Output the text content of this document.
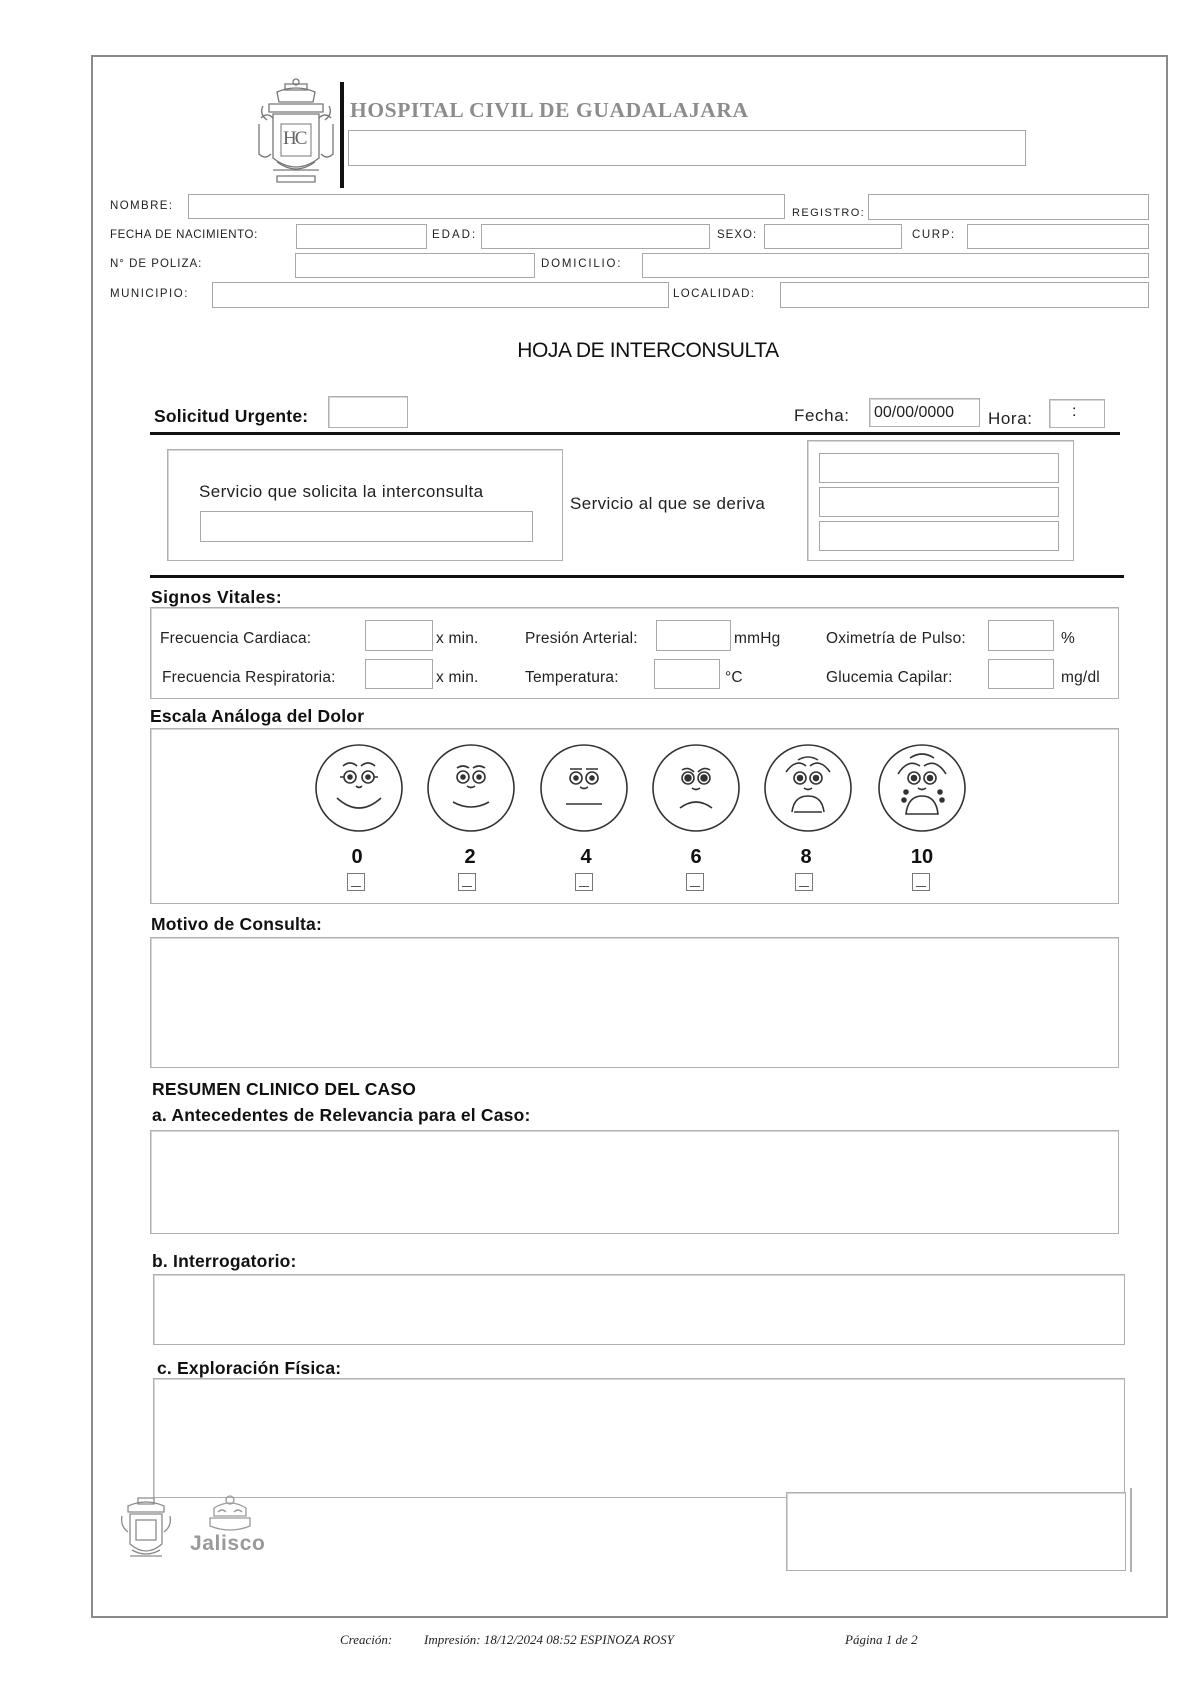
HC
HOSPITAL CIVIL DE GUADALAJARA
NOMBRE:
REGISTRO:
FECHA DE NACIMIENTO:	EDAD:	SEXO:	CURP:
N° DE POLIZA:	DOMICILIO:
MUNICIPIO:	LOCALIDAD:
HOJA DE INTERCONSULTA
Solicitud Urgente:	Fecha: 00/00/0000 Hora: :
Servicio que solicita la interconsulta
Servicio al que se deriva
Signos Vitales:
Frecuencia Cardiaca:	x min.	Presión Arterial:	mmHg	Oximetría de Pulso:	%
Frecuencia Respiratoria:	x min.	Temperatura:	°C	Glucemia Capilar:	mg/dl
Escala Análoga del Dolor
0	2	4	6	8	10
Motivo de Consulta:
RESUMEN CLINICO DEL CASO
a. Antecedentes de Relevancia para el Caso:
b. Interrogatorio:
c. Exploración Física:
Jalisco
Creación: Impresión: 18/12/2024 08:52 ESPINOZA ROSY	Página 1 de 2
